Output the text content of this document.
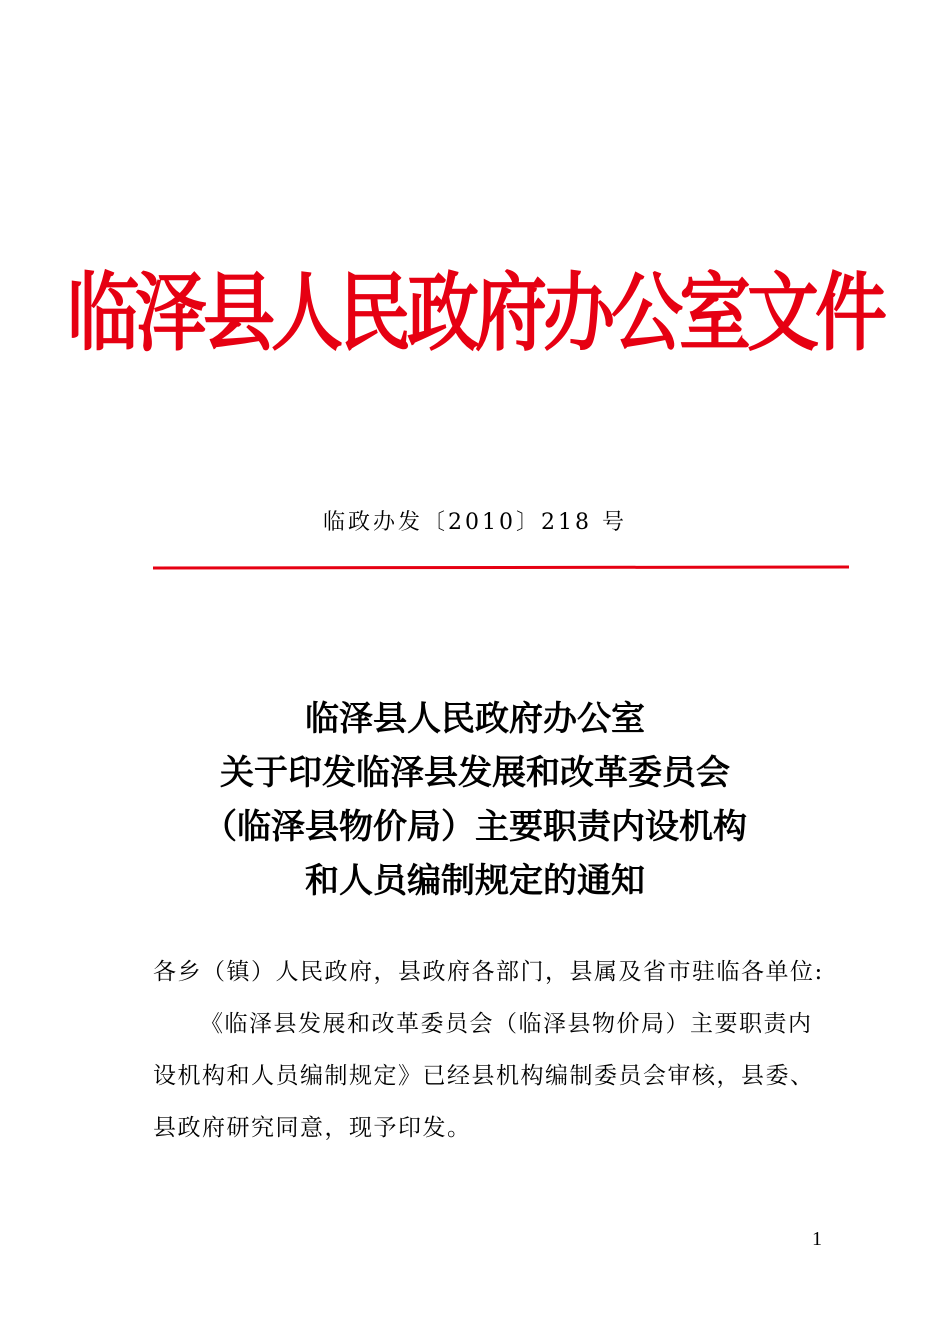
临泽县人民政府办公室文件
临政办发〔2010〕218 号
临泽县人民政府办公室
关于印发临泽县发展和改革委员会
（临泽县物价局）主要职责内设机构
和人员编制规定的通知
各乡（镇）人民政府，县政府各部门，县属及省市驻临各单位:
《临泽县发展和改革委员会（临泽县物价局）主要职责内
设机构和人员编制规定》已经县机构编制委员会审核，县委、
县政府研究同意，现予印发。
1
